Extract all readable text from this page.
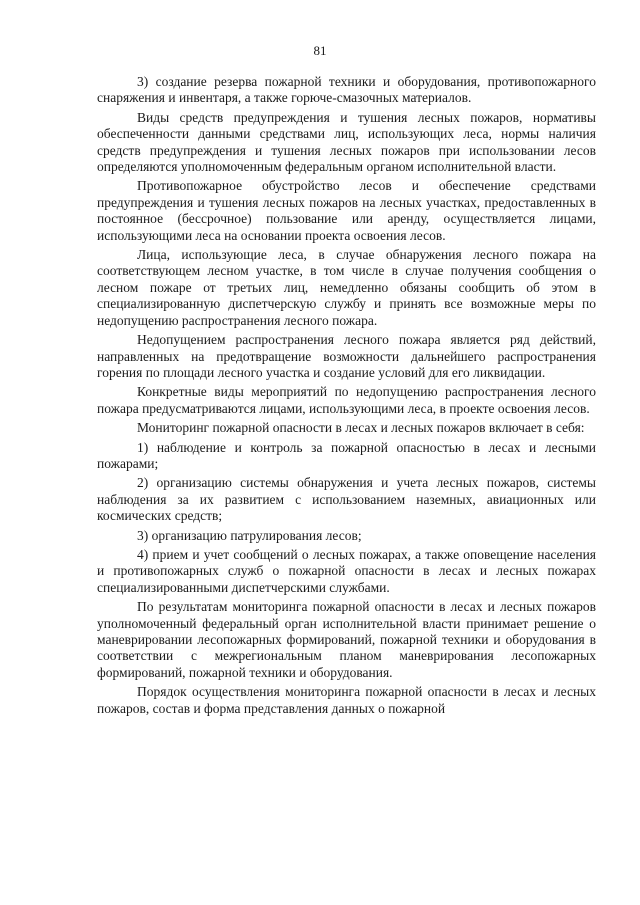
81

3) создание резерва пожарной техники и оборудования, противопожарного снаряжения и инвентаря, а также горюче-смазочных материалов.

Виды средств предупреждения и тушения лесных пожаров, нормативы обеспеченности данными средствами лиц, использующих леса, нормы наличия средств предупреждения и тушения лесных пожаров при использовании лесов определяются уполномоченным федеральным органом исполнительной власти.

Противопожарное обустройство лесов и обеспечение средствами предупреждения и тушения лесных пожаров на лесных участках, предоставленных в постоянное (бессрочное) пользование или аренду, осуществляется лицами, использующими леса на основании проекта освоения лесов.

Лица, использующие леса, в случае обнаружения лесного пожара на соответствующем лесном участке, в том числе в случае получения сообщения о лесном пожаре от третьих лиц, немедленно обязаны сообщить об этом в специализированную диспетчерскую службу и принять все возможные меры по недопущению распространения лесного пожара.

Недопущением распространения лесного пожара является ряд действий, направленных на предотвращение возможности дальнейшего распространения горения по площади лесного участка и создание условий для его ликвидации.

Конкретные виды мероприятий по недопущению распространения лесного пожара предусматриваются лицами, использующими леса, в проекте освоения лесов.

Мониторинг пожарной опасности в лесах и лесных пожаров включает в себя:

1) наблюдение и контроль за пожарной опасностью в лесах и лесными пожарами;

2) организацию системы обнаружения и учета лесных пожаров, системы наблюдения за их развитием с использованием наземных, авиационных или космических средств;

3) организацию патрулирования лесов;

4) прием и учет сообщений о лесных пожарах, а также оповещение населения и противопожарных служб о пожарной опасности в лесах и лесных пожарах специализированными диспетчерскими службами.

По результатам мониторинга пожарной опасности в лесах и лесных пожаров уполномоченный федеральный орган исполнительной власти принимает решение о маневрировании лесопожарных формирований, пожарной техники и оборудования в соответствии с межрегиональным планом маневрирования лесопожарных формирований, пожарной техники и оборудования.

Порядок осуществления мониторинга пожарной опасности в лесах и лесных пожаров, состав и форма представления данных о пожарной
